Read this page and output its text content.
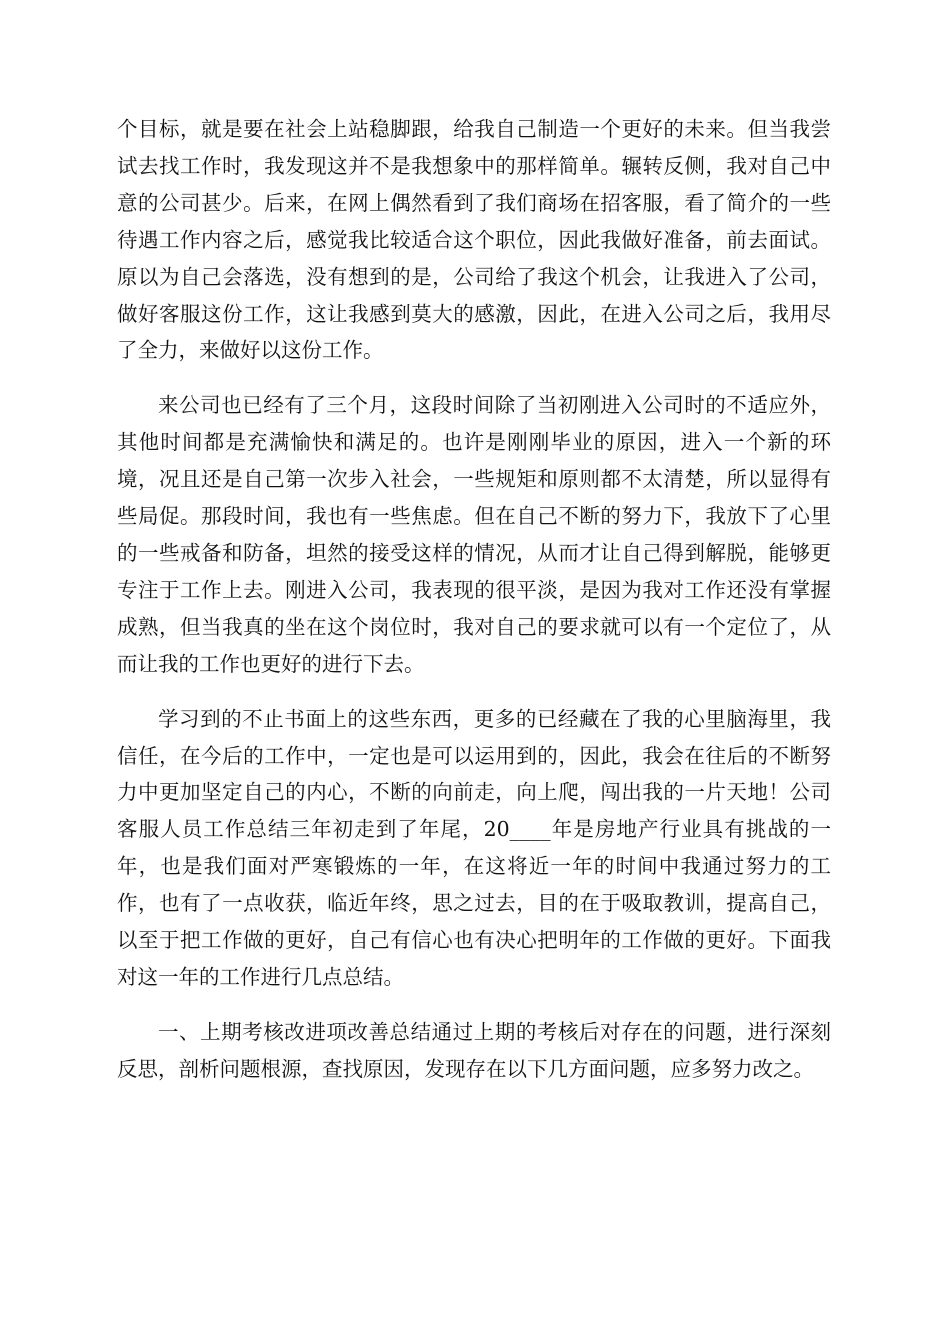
个目标，就是要在社会上站稳脚跟，给我自己制造一个更好的未来。但当我尝试去找工作时，我发现这并不是我想象中的那样简单。辗转反侧，我对自己中意的公司甚少。后来，在网上偶然看到了我们商场在招客服，看了简介的一些待遇工作内容之后，感觉我比较适合这个职位，因此我做好准备，前去面试。原以为自己会落选，没有想到的是，公司给了我这个机会，让我进入了公司，做好客服这份工作，这让我感到莫大的感激，因此，在进入公司之后，我用尽了全力，来做好以这份工作。

来公司也已经有了三个月，这段时间除了当初刚进入公司时的不适应外，其他时间都是充满愉快和满足的。也许是刚刚毕业的原因，进入一个新的环境，况且还是自己第一次步入社会，一些规矩和原则都不太清楚，所以显得有些局促。那段时间，我也有一些焦虑。但在自己不断的努力下，我放下了心里的一些戒备和防备，坦然的接受这样的情况，从而才让自己得到解脱，能够更专注于工作上去。刚进入公司，我表现的很平淡，是因为我对工作还没有掌握成熟，但当我真的坐在这个岗位时，我对自己的要求就可以有一个定位了，从而让我的工作也更好的进行下去。

学习到的不止书面上的这些东西，更多的已经藏在了我的心里脑海里，我信任，在今后的工作中，一定也是可以运用到的，因此，我会在往后的不断努力中更加坚定自己的内心，不断的向前走，向上爬，闯出我的一片天地！公司客服人员工作总结三年初走到了年尾，20____年是房地产行业具有挑战的一年，也是我们面对严寒锻炼的一年，在这将近一年的时间中我通过努力的工作，也有了一点收获，临近年终，思之过去，目的在于吸取教训，提高自己，以至于把工作做的更好，自己有信心也有决心把明年的工作做的更好。下面我对这一年的工作进行几点总结。

一、上期考核改进项改善总结通过上期的考核后对存在的问题，进行深刻反思，剖析问题根源，查找原因，发现存在以下几方面问题，应多努力改之。
